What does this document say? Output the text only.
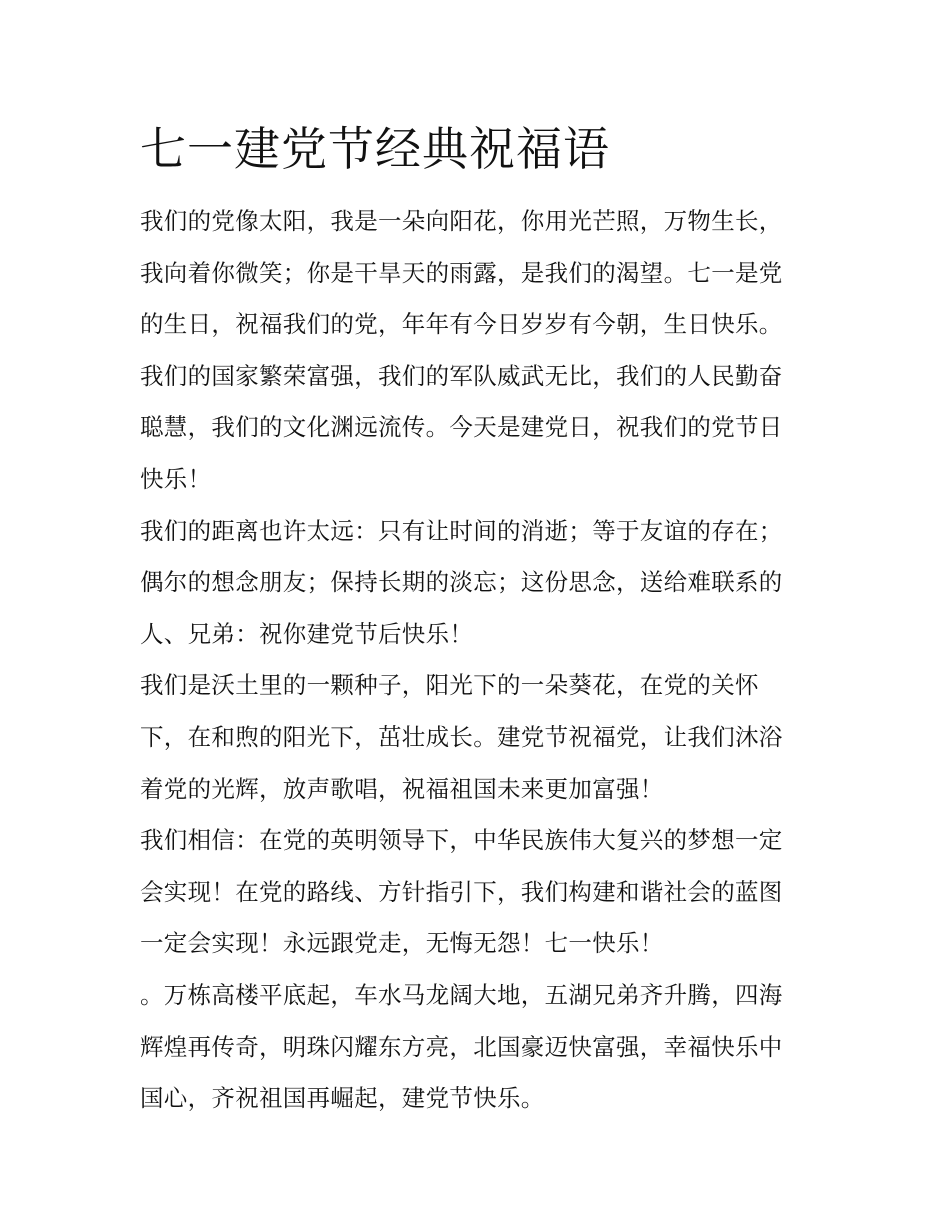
七一建党节经典祝福语

我们的党像太阳，我是一朵向阳花，你用光芒照，万物生长，
我向着你微笑；你是干旱天的雨露，是我们的渴望。七一是党
的生日，祝福我们的党，年年有今日岁岁有今朝，生日快乐。

我们的国家繁荣富强，我们的军队威武无比，我们的人民勤奋
聪慧，我们的文化渊远流传。今天是建党日，祝我们的党节日
快乐！

我们的距离也许太远：只有让时间的消逝；等于友谊的存在；
偶尔的想念朋友；保持长期的淡忘；这份思念，送给难联系的
人、兄弟：祝你建党节后快乐！

我们是沃土里的一颗种子，阳光下的一朵葵花，在党的关怀
下，在和煦的阳光下，茁壮成长。建党节祝福党，让我们沐浴
着党的光辉，放声歌唱，祝福祖国未来更加富强！

我们相信：在党的英明领导下，中华民族伟大复兴的梦想一定
会实现！在党的路线、方针指引下，我们构建和谐社会的蓝图
一定会实现！永远跟党走，无悔无怨！七一快乐！

。万栋高楼平底起，车水马龙阔大地，五湖兄弟齐升腾，四海
辉煌再传奇，明珠闪耀东方亮，北国豪迈快富强，幸福快乐中
国心，齐祝祖国再崛起，建党节快乐。
